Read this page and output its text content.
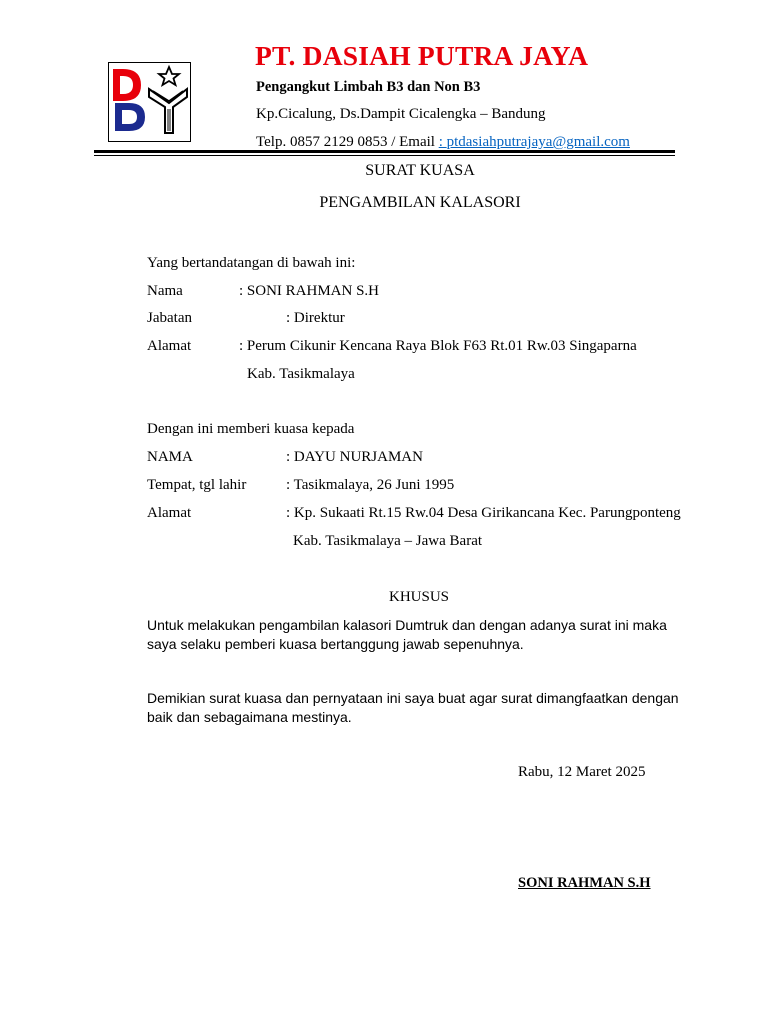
PT. DASIAH PUTRA JAYA
Pengangkut Limbah B3 dan Non B3
Kp.Cicalung, Ds.Dampit Cicalengka – Bandung
Telp. 0857 2129 0853 / Email : ptdasiahputrajaya@gmail.com
SURAT KUASA
PENGAMBILAN KALASORI
Yang bertandatangan di bawah ini:
Nama	: SONI RAHMAN S.H
Jabatan	: Direktur
Alamat	: Perum Cikunir Kencana Raya Blok F63 Rt.01 Rw.03 Singaparna
Kab. Tasikmalaya
Dengan ini memberi kuasa kepada
NAMA	: DAYU NURJAMAN
Tempat, tgl lahir	: Tasikmalaya, 26 Juni 1995
Alamat	: Kp. Sukaati Rt.15 Rw.04 Desa Girikancana Kec. Parungponteng
Kab. Tasikmalaya – Jawa Barat
KHUSUS
Untuk melakukan pengambilan kalasori Dumtruk dan dengan adanya surat ini maka saya selaku pemberi kuasa bertanggung jawab sepenuhnya.
Demikian surat kuasa dan pernyataan ini saya buat agar surat dimangfaatkan dengan baik dan sebagaimana mestinya.
Rabu, 12 Maret 2025
SONI RAHMAN S.H
